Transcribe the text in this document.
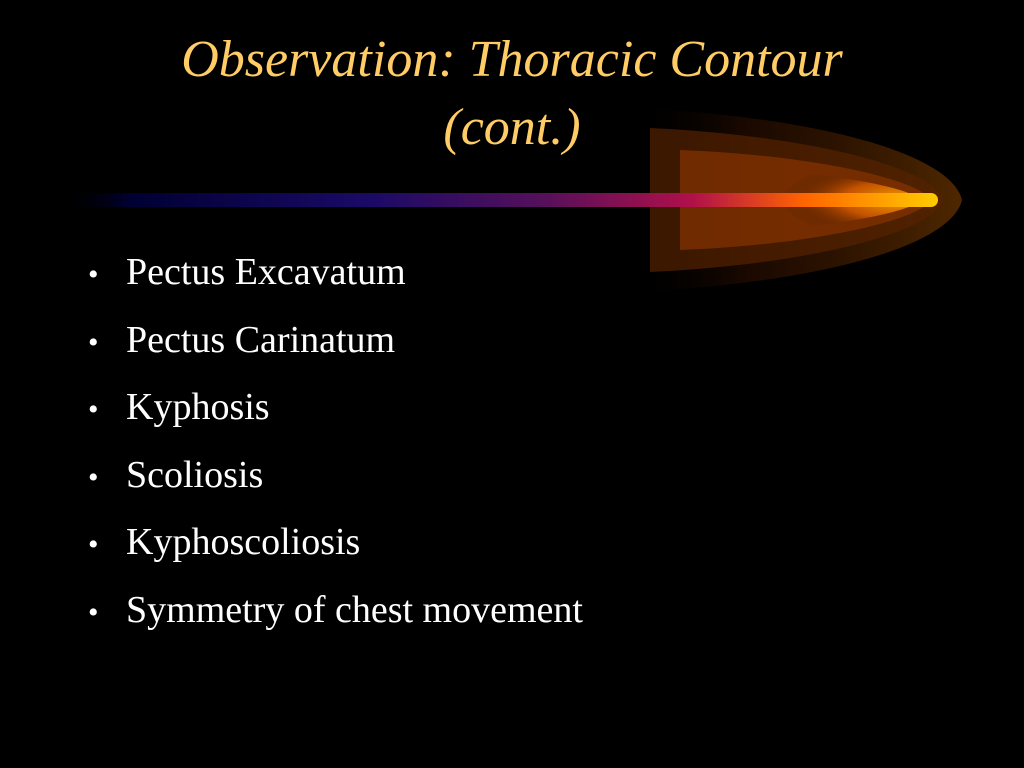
Observation: Thoracic Contour
(cont.)
• Pectus Excavatum
• Pectus Carinatum
• Kyphosis
• Scoliosis
• Kyphoscoliosis
• Symmetry of chest movement
